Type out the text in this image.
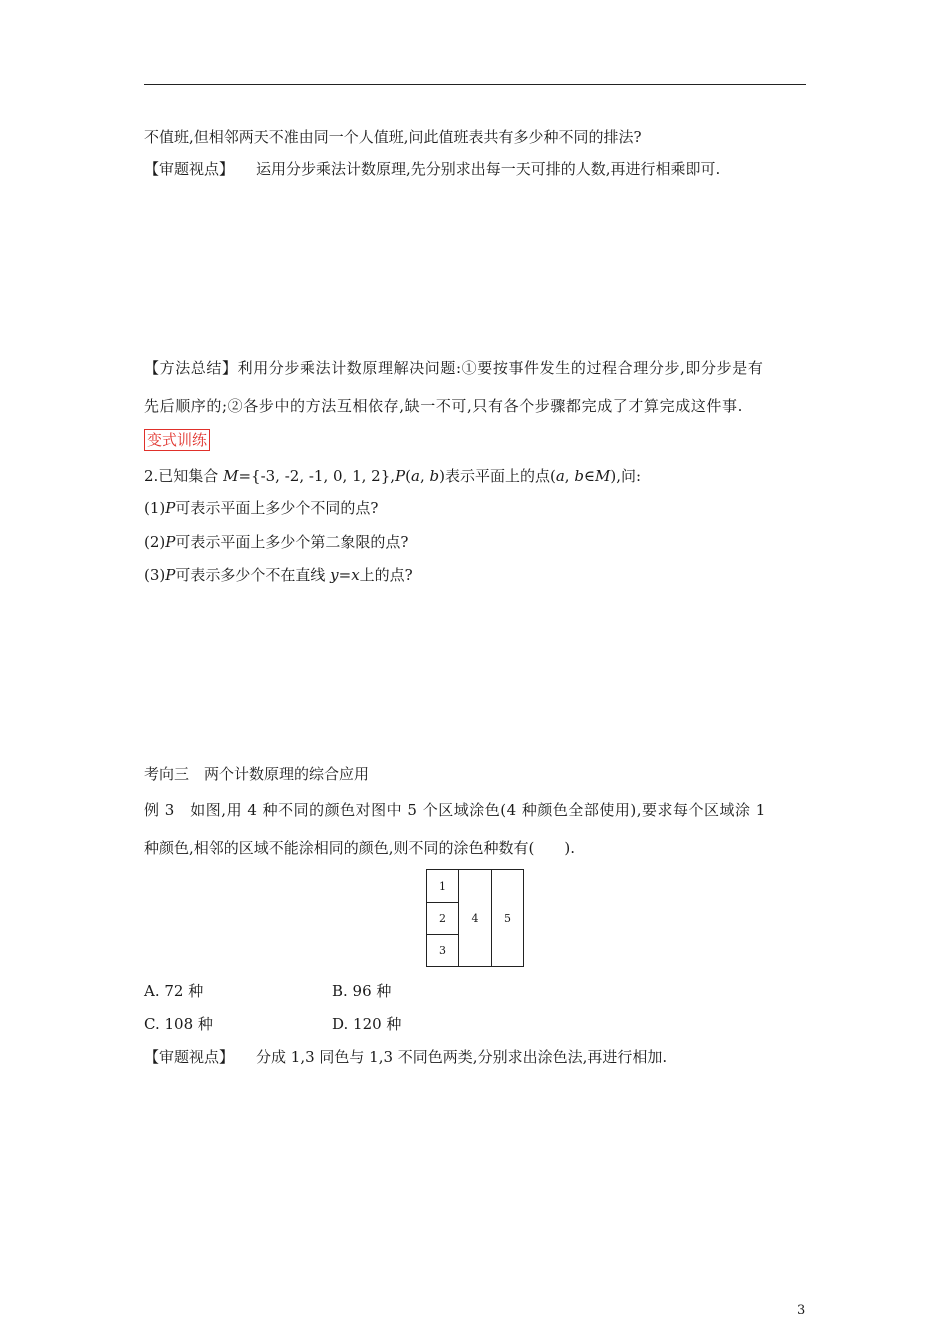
不值班,但相邻两天不准由同一个人值班,问此值班表共有多少种不同的排法?
【审题视点】 运用分步乘法计数原理,先分别求出每一天可排的人数,再进行相乘即可.
【方法总结】利用分步乘法计数原理解决问题:①要按事件发生的过程合理分步,即分步是有
先后顺序的;②各步中的方法互相依存,缺一不可,只有各个步骤都完成了才算完成这件事.
变式训练
2.已知集合 M={-3, -2, -1, 0, 1, 2},P(a, b)表示平面上的点(a, b∈M),问:
(1)P可表示平面上多少个不同的点?
(2)P可表示平面上多少个第二象限的点?
(3)P可表示多少个不在直线 y=x上的点?
考向三　两个计数原理的综合应用
例 3　如图,用 4 种不同的颜色对图中 5 个区域涂色(4 种颜色全部使用),要求每个区域涂 1
种颜色,相邻的区域不能涂相同的颜色,则不同的涂色种数有(　　).
1
2
3
4	5
A. 72 种	B. 96 种
C. 108 种	D. 120 种
【审题视点】 分成 1,3 同色与 1,3 不同色两类,分别求出涂色法,再进行相加.
3
